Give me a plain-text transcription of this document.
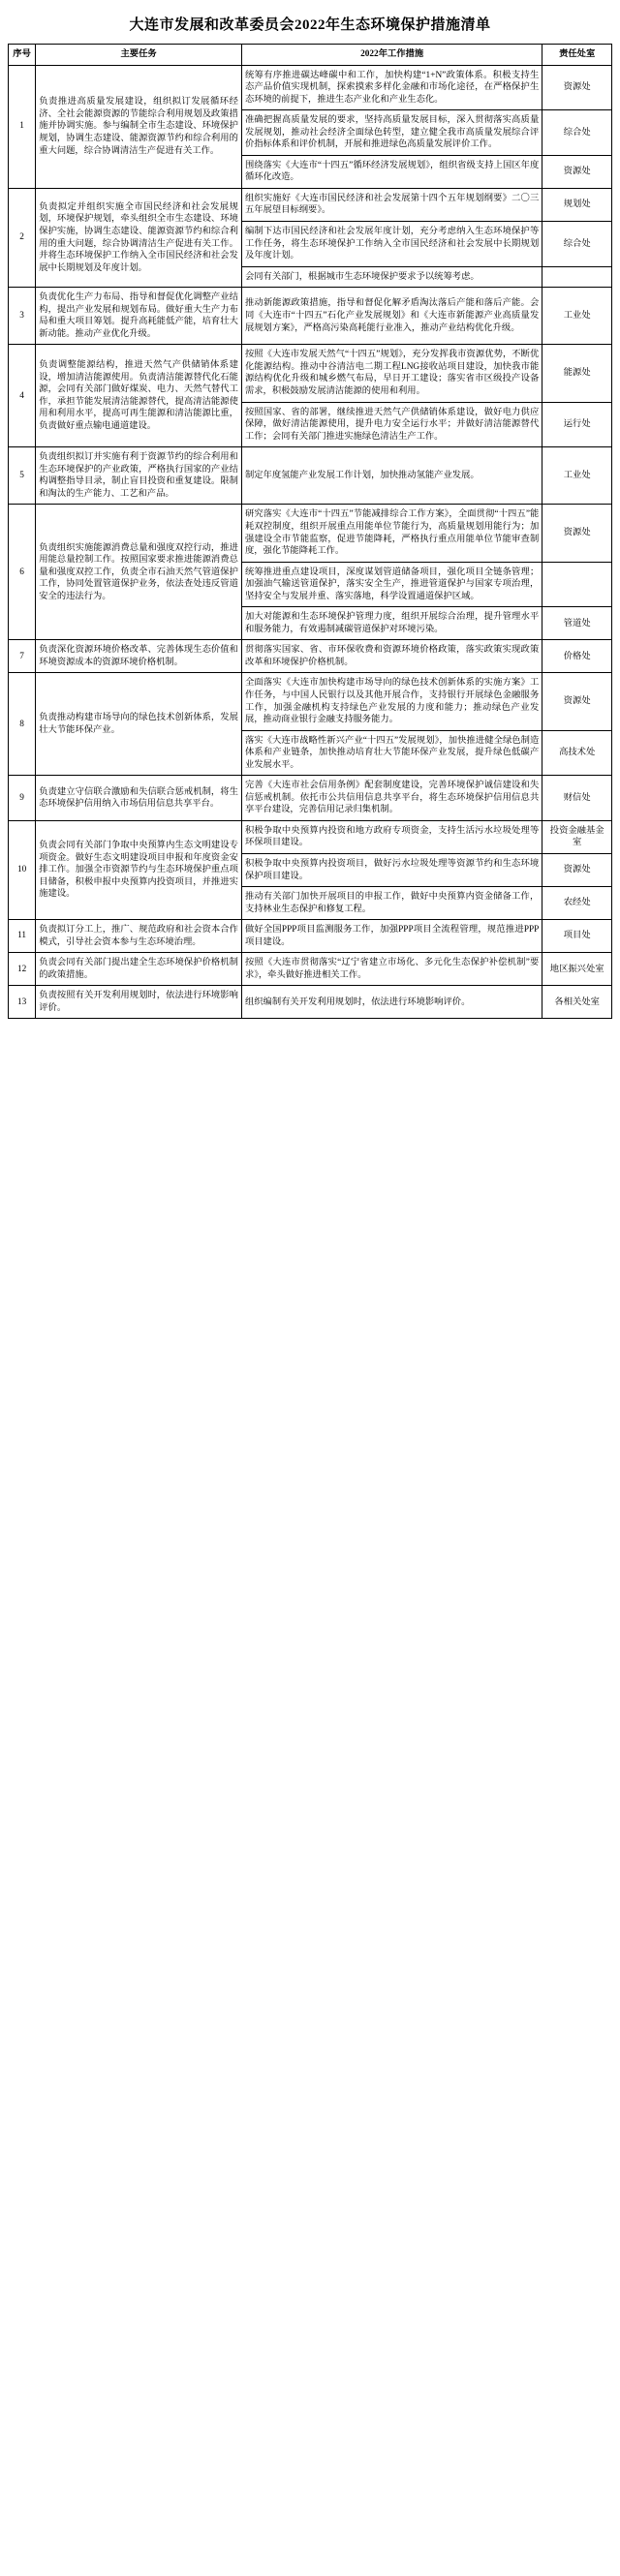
大连市发展和改革委员会2022年生态环境保护措施清单
序号	主要任务	2022年工作措施	责任处室
1	负责推进高质量发展建设，组织拟订发展循环经济、全社会能源资源的节能综合利用规划及政策措施并协调实施。参与编制全市生态建设、环境保护规划，协调生态建设、能源资源节约和综合利用的重大问题，综合协调清洁生产促进有关工作。	统筹有序推进碳达峰碳中和工作，加快构建“1+N”政策体系。积极支持生态产品价值实现机制，探索摸索多样化金融和市场化途径，在严格保护生态环境的前提下，推进生态产业化和产业生态化。	资源处
		准确把握高质量发展的要求，坚持高质量发展目标，深入贯彻落实高质量发展规划，推动社会经济全面绿色转型，建立健全我市高质量发展综合评价指标体系和评价机制，开展和推进绿色高质量发展评价工作。	综合处
		围绕落实《大连市“十四五”循环经济发展规划》，组织省级支持上国区年度循环化改造。	资源处
2	负责拟定并组织实施全市国民经济和社会发展规划，环境保护规划，牵头组织全市生态建设、环境保护实施，协调生态建设、能源资源节约和综合利用的重大问题，综合协调清洁生产促进有关工作。并将生态环境保护工作纳入全市国民经济和社会发展中长期规划及年度计划。	组织实施好《大连市国民经济和社会发展第十四个五年规划纲要》二〇三五年展望目标纲要》。	规划处
		编制下达市国民经济和社会发展年度计划，充分考虑纳入生态环境保护等工作任务，将生态环境保护工作纳入全市国民经济和社会发展中长期规划及年度计划。	综合处
		会同有关部门，根据城市生态环境保护要求予以统筹考虑。	
3	负责优化生产力布局、指导和督促优化调整产业结构，提出产业发展和规划布局。做好重大生产力布局和重大项目筹划。提升高耗能低产能，培育壮大新动能。推动产业优化升级。	推动新能源政策措施，指导和督促化解矛盾淘汰落后产能和落后产能。会同《大连市“十四五”石化产业发展规划》和《大连市新能源产业高质量发展规划方案》，严格高污染高耗能行业准入，推动产业结构优化升级。	工业处
4	负责调整能源结构，推进天然气产供储销体系建设，增加清洁能源使用。负责清洁能源替代化石能源，会同有关部门做好煤炭、电力、天然气替代工作，承担节能发展清洁能源替代，提高清洁能源使用和利用水平，提高可再生能源和清洁能源比重，负责做好重点输电通道建设。	按照《大连市发展天然气“十四五”规划》，充分发挥我市资源优势，不断优化能源结构。推动中谷清洁电二期工程LNG接收站项目建设，加快我市能源结构优化升级和城乡燃气布局，早日开工建设；落实省市区级投产设备需求，积极鼓励发展清洁能源的使用和利用。	能源处
		按照国家、省的部署，继续推进天然气产供储销体系建设，做好电力供应保障，做好清洁能源使用，提升电力安全运行水平；并做好清洁能源替代工作；会同有关部门推进实施绿色清洁生产工作。	运行处
5	负责组织拟订并实施有利于资源节约的综合利用和生态环境保护的产业政策，严格执行国家的产业结构调整指导目录，制止盲目投资和重复建设。限制和淘汰的生产能力、工艺和产品。	制定年度氢能产业发展工作计划，加快推动氢能产业发展。	工业处
6	负责组织实施能源消费总量和强度双控行动，推进用能总量控制工作。按照国家要求推进能源消费总量和强度双控工作，负责全市石油天然气管道保护工作，协同处置管道保护业务，依法查处违反管道安全的违法行为。	研究落实《大连市“十四五”节能减排综合工作方案》，全面贯彻“十四五”能耗双控制度，组织开展重点用能单位节能行为，高质量规划用能行为；加强建设全市节能监察，促进节能降耗，严格执行重点用能单位节能审查制度，强化节能降耗工作。	资源处
		统筹推进重点建设项目，深度谋划管道储备项目，强化项目全链条管理；加强油气输送管道保护，落实安全生产，推进管道保护与国家专项治理，坚持安全与发展并重、落实落地，科学设置通道保护区域。	
		加大对能源和生态环境保护管理力度，组织开展综合治理，提升管理水平和服务能力，有效遏制减碳管道保护对环境污染。	管道处
7	负责深化资源环境价格改革、完善体现生态价值和环境资源成本的资源环境价格机制。	贯彻落实国家、省、市环保收费和资源环境价格政策，落实政策实现政策改革和环境保护价格机制。	价格处
8	负责推动构建市场导向的绿色技术创新体系，发展壮大节能环保产业。	全面落实《大连市加快构建市场导向的绿色技术创新体系的实施方案》工作任务，与中国人民银行以及其他开展合作，支持银行开展绿色金融服务工作，加强金融机构支持绿色产业发展的力度和能力；推动绿色产业发展，推动商业银行金融支持服务能力。	资源处
		落实《大连市战略性新兴产业“十四五”发展规划》，加快推进健全绿色制造体系和产业链条，加快推动培育壮大节能环保产业发展，提升绿色低碳产业发展水平。	高技术处
9	负责建立守信联合激励和失信联合惩戒机制，将生态环境保护信用纳入市场信用信息共享平台。	完善《大连市社会信用条例》配套制度建设，完善环境保护诚信建设和失信惩戒机制。依托市公共信用信息共享平台，将生态环境保护信用信息共享平台建设，完善信用记录归集机制。	财信处
10	负责会同有关部门争取中央预算内生态文明建设专项资金。做好生态文明建设项目申报和年度资金安排工作。加强全市资源节约与生态环境保护重点项目储备，积极申报中央预算内投资项目，并推进实施建设。	积极争取中央预算内投资和地方政府专项资金，支持生活污水垃圾处理等环保项目建设。	投资金融基金室
		积极争取中央预算内投资项目，做好污水垃圾处理等资源节约和生态环境保护项目建设。	资源处
		推动有关部门加快开展项目的申报工作，做好中央预算内资金储备工作，支持林业生态保护和修复工程。	农经处
11	负责拟订分工上，推广、规范政府和社会资本合作模式，引导社会资本参与生态环境治理。	做好全国PPP项目监测服务工作，加强PPP项目全流程管理，规范推进PPP项目建设。	项目处
12	负责会同有关部门提出建全生态环境保护价格机制的政策措施。	按照《大连市贯彻落实“辽宁省建立市场化、多元化生态保护补偿机制”要求》，牵头做好推进相关工作。	地区振兴处室
13	负责按照有关开发利用规划时，依法进行环境影响评价。	组织编制有关开发利用规划时，依法进行环境影响评价。	各相关处室
